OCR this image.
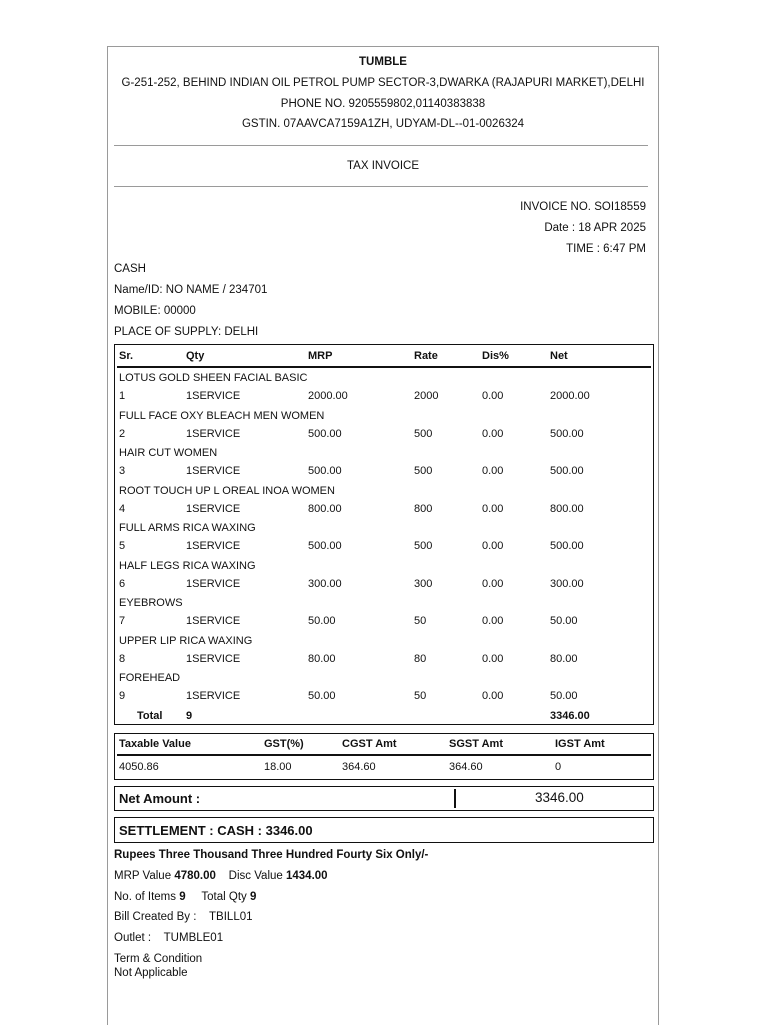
TUMBLE
G-251-252, BEHIND INDIAN OIL PETROL PUMP SECTOR-3,DWARKA (RAJAPURI MARKET),DELHI
PHONE NO. 9205559802,01140383838
GSTIN. 07AAVCA7159A1ZH, UDYAM-DL--01-0026324
TAX INVOICE
INVOICE NO. SOI18559
Date : 18 APR 2025
TIME : 6:47 PM
CASH
Name/ID: NO NAME / 234701
MOBILE: 00000
PLACE OF SUPPLY: DELHI
Sr.	Qty	MRP	Rate	Dis%	Net
LOTUS GOLD SHEEN FACIAL BASIC
1	1SERVICE	2000.00	2000	0.00	2000.00
FULL FACE OXY BLEACH MEN WOMEN
2	1SERVICE	500.00	500	0.00	500.00
HAIR CUT WOMEN
3	1SERVICE	500.00	500	0.00	500.00
ROOT TOUCH UP L OREAL INOA WOMEN
4	1SERVICE	800.00	800	0.00	800.00
FULL ARMS RICA WAXING
5	1SERVICE	500.00	500	0.00	500.00
HALF LEGS RICA WAXING
6	1SERVICE	300.00	300	0.00	300.00
EYEBROWS
7	1SERVICE	50.00	50	0.00	50.00
UPPER LIP RICA WAXING
8	1SERVICE	80.00	80	0.00	80.00
FOREHEAD
9	1SERVICE	50.00	50	0.00	50.00
Total 9	3346.00
Taxable Value	GST(%)	CGST Amt	SGST Amt	IGST Amt
4050.86	18.00	364.60	364.60	0
Net Amount :	3346.00
SETTLEMENT : CASH : 3346.00
Rupees Three Thousand Three Hundred Fourty Six Only/-
MRP Value 4780.00 Disc Value 1434.00
No. of Items 9 Total Qty 9
Bill Created By : TBILL01
Outlet : TUMBLE01
Term & Condition
Not Applicable
